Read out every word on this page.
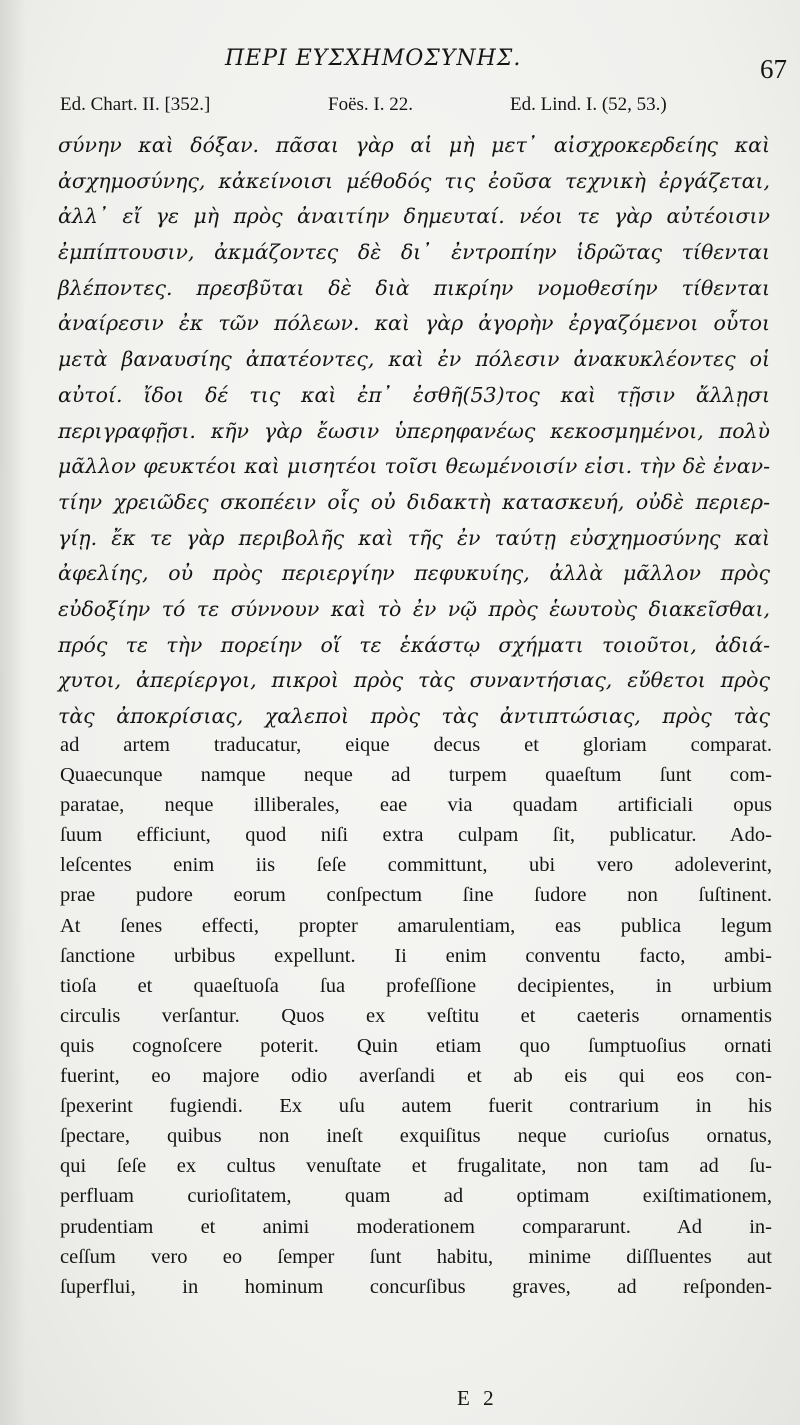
ΠΕΡΙ ΕΥΣΧΗΜΟΣΥΝΗΣ.	67
Ed. Chart. II. [352.]	Foës. I. 22.	Ed. Lind. I. (52, 53.)
σύνην καὶ δόξαν. πᾶσαι γὰρ αἱ μὴ μετ᾽ αἰσχροκερδείης καὶ
ἀσχημοσύνης, κἀκείνοισι μέθοδός τις ἐοῦσα τεχνικὴ ἐργάζεται,
ἀλλ᾽ εἴ γε μὴ πρὸς ἀναιτίην δημευταί. νέοι τε γὰρ αὐτέοισιν
ἐμπίπτουσιν, ἀκμάζοντες δὲ δι᾽ ἐντροπίην ἱδρῶτας τίθενται
βλέποντες. πρεσβῦται δὲ διὰ πικρίην νομοθεσίην τίθενται
ἀναίρεσιν ἐκ τῶν πόλεων. καὶ γὰρ ἀγορὴν ἐργαζόμενοι οὗτοι
μετὰ βαναυσίης ἀπατέοντες, καὶ ἐν πόλεσιν ἀνακυκλέοντες οἱ
αὐτοί. ἴδοι δέ τις καὶ ἐπ᾽ ἐσθῆ(53)τος καὶ τῇσιν ἄλλῃσι
περιγραφῇσι. κῆν γὰρ ἔωσιν ὑπερηφανέως κεκοσμημένοι, πολὺ
μᾶλλον φευκτέοι καὶ μισητέοι τοῖσι θεωμένοισίν εἰσι. τὴν δὲ ἐναν-
τίην χρειῶδες σκοπέειν οἷς οὐ διδακτὴ κατασκευή, οὐδὲ περιερ-
γίῃ. ἔκ τε γὰρ περιβολῆς καὶ τῆς ἐν ταύτῃ εὐσχημοσύνης καὶ
ἀφελίης, οὐ πρὸς περιεργίην πεφυκυίης, ἀλλὰ μᾶλλον πρὸς
εὐδοξίην τό τε σύννουν καὶ τὸ ἐν νῷ πρὸς ἑωυτοὺς διακεῖσθαι,
πρός τε τὴν πορείην οἵ τε ἑκάστῳ σχήματι τοιοῦτοι, ἀδιά-
χυτοι, ἀπερίεργοι, πικροὶ πρὸς τὰς συναντήσιας, εὔθετοι πρὸς
τὰς ἀποκρίσιας, χαλεποὶ πρὸς τὰς ἀντιπτώσιας, πρὸς τὰς
ad artem traducatur, eique decus et gloriam comparat.
Quaecunque namque neque ad turpem quaeſtum ſunt com-
paratae, neque illiberales, eae via quadam artificiali opus
ſuum efficiunt, quod niſi extra culpam ſit, publicatur. Ado-
leſcentes enim iis ſeſe committunt, ubi vero adoleverint,
prae pudore eorum conſpectum ſine ſudore non ſuſtinent.
At ſenes effecti, propter amarulentiam, eas publica legum
ſanctione urbibus expellunt. Ii enim conventu facto, ambi-
tioſa et quaeſtuoſa ſua profeſſione decipientes, in urbium
circulis verſantur. Quos ex veſtitu et caeteris ornamentis
quis cognoſcere poterit. Quin etiam quo ſumptuoſius ornati
fuerint, eo majore odio averſandi et ab eis qui eos con-
ſpexerint fugiendi. Ex uſu autem fuerit contrarium in his
ſpectare, quibus non ineſt exquiſitus neque curioſus ornatus,
qui ſeſe ex cultus venuſtate et frugalitate, non tam ad ſu-
perfluam curioſitatem, quam ad optimam exiſtimationem,
prudentiam et animi moderationem compararunt. Ad in-
ceſſum vero eo ſemper ſunt habitu, minime diſſluentes aut
ſuperflui, in hominum concurſibus graves, ad reſponden-
E 2
